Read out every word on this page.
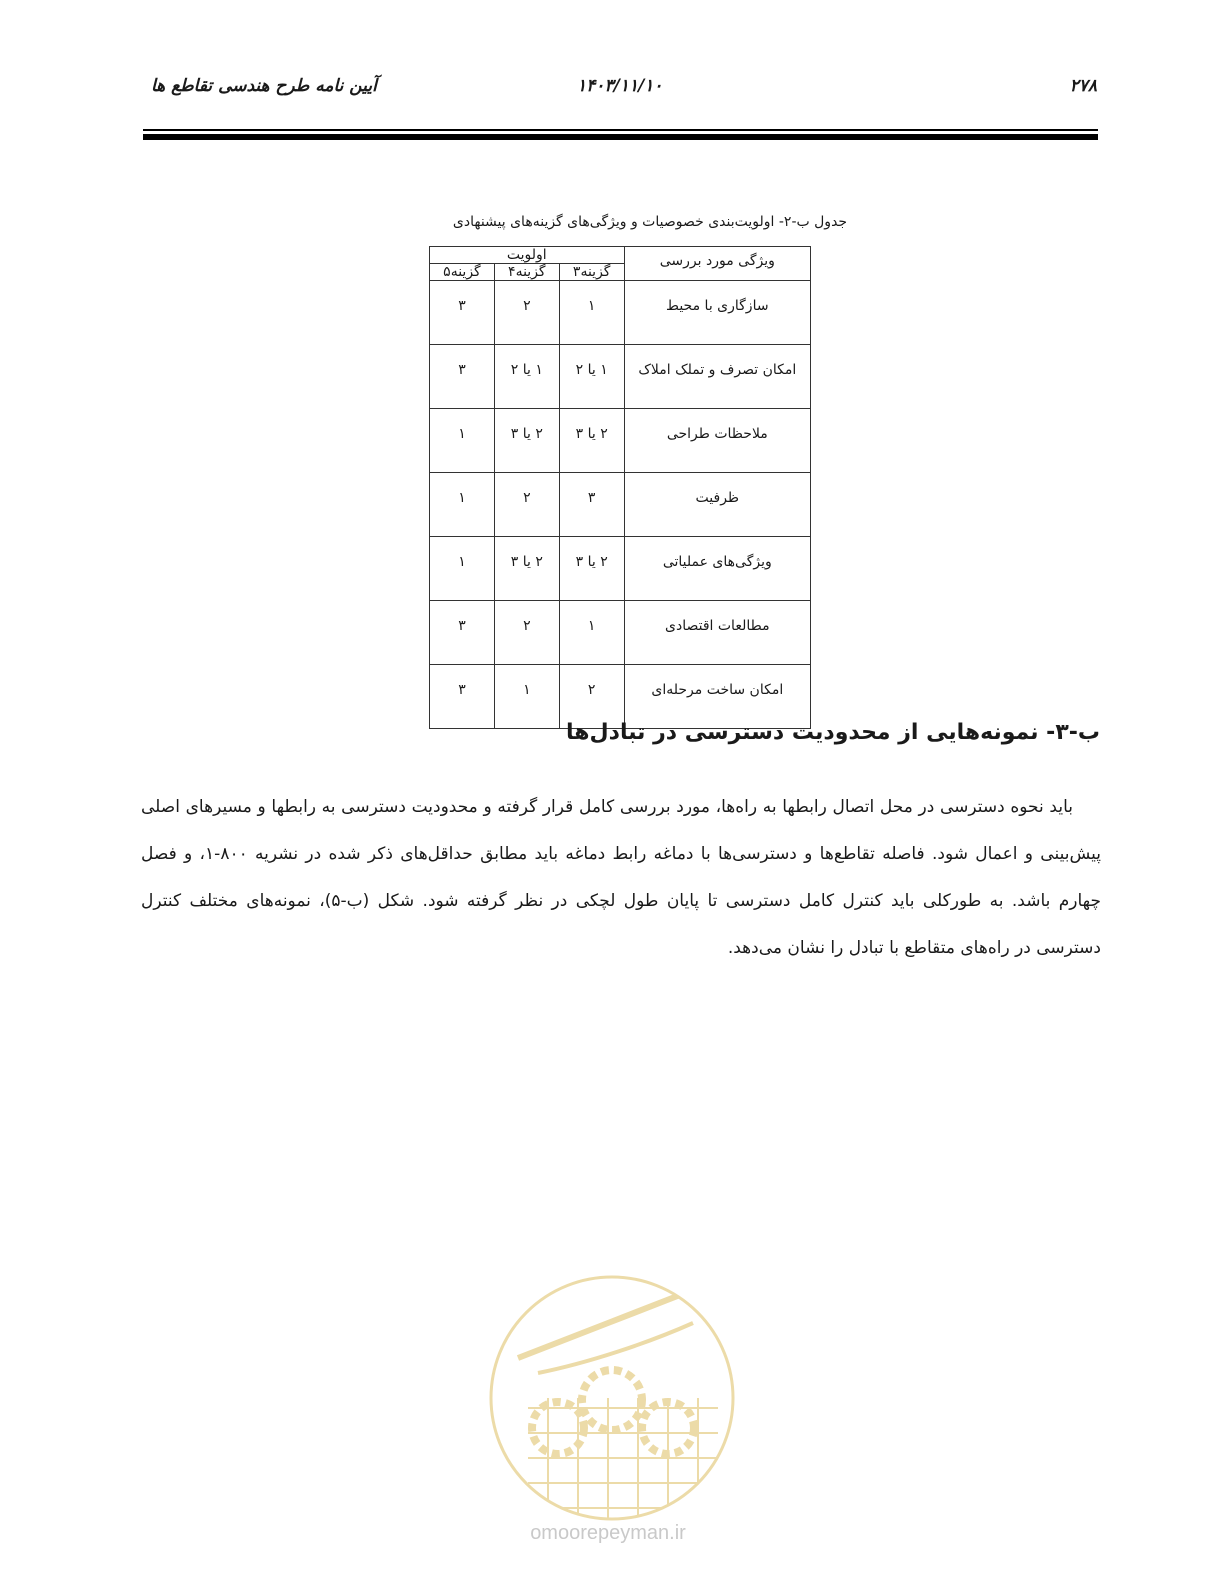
آیین نامه طرح هندسی تقاطع ها	۱۴۰۳/۱۱/۱۰	۲۷۸
جدول ب-۲- اولویت‌بندی خصوصیات و ویژگی‌های گزینه‌های پیشنهادی
ویژگی مورد بررسی	اولویت		
	گزینه۳	گزینه۴	گزینه۵
سازگاری با محیط	۱	۲	۳
امکان تصرف و تملک املاک	۱ یا ۲	۱ یا ۲	۳
ملاحظات طراحی	۲ یا ۳	۲ یا ۳	۱
ظرفیت	۳	۲	۱
ویژگی‌های عملیاتی	۲ یا ۳	۲ یا ۳	۱
مطالعات اقتصادی	۱	۲	۳
امکان ساخت مرحله‌ای	۲	۱	۳
ب-۳- نمونه‌هایی از محدودیت دسترسی در تبادل‌ها

باید نحوه دسترسی در محل اتصال رابطها به راه‌ها، مورد بررسی کامل قرار گرفته و محدودیت دسترسی به رابطها و مسیرهای اصلی پیش‌بینی و اعمال شود. فاصله تقاطع‌ها و دسترسی‌ها با دماغه رابط دماغه باید مطابق حداقل‌های ذکر شده در نشریه ۸۰۰-۱، و فصل چهارم باشد. به طورکلی باید کنترل کامل دسترسی تا پایان طول لچکی در نظر گرفته شود. شکل (ب-۵)، نمونه‌های مختلف کنترل دسترسی در راه‌های متقاطع با تبادل را نشان می‌دهد.

omoorepeyman.ir
